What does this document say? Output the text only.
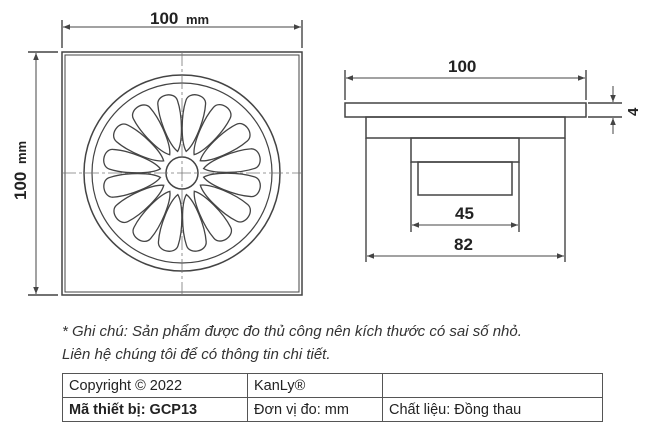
100 mm
100
mm
100
4
45
82
* Ghi chú: Sản phẩm được đo thủ công nên kích thước có sai số nhỏ.
Liên hệ chúng tôi để có thông tin chi tiết.
Copyright © 2022	KanLy®	
Mã thiết bị: GCP13	Đơn vị đo: mm	Chất liệu: Đồng thau
